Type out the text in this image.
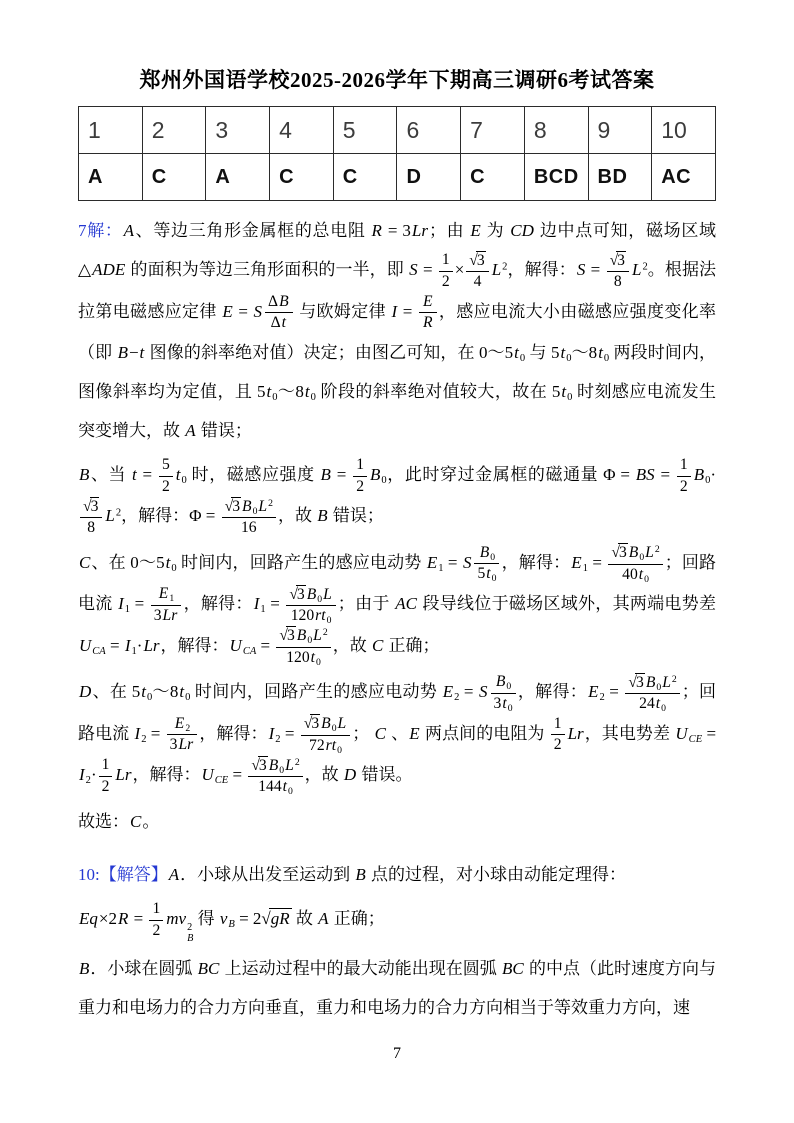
郑州外国语学校2025-2026学年下期高三调研6考试答案
1	2	3	4	5	6	7	8	9	10
A	C	A	C	C	D	C	BCD	BD	AC

7解：A、等边三角形金属框的总电阻 R = 3Lr；由 E 为 CD 边中点可知，磁场区域△ADE 的面积为等边三角形面积的一半，即 $S = \frac{1}{2} \times \frac{√3}{4} L^2$，解得：$S = \frac{√3}{8} L^2$。根据法拉第电磁感应定律 E = S $\frac{\Delta B}{\Delta t}$ 与欧姆定律 $I = \frac{E}{R}$ ，感应电流大小由磁感应强度变化率（即 B−t 图像的斜率绝对值）决定；由图乙可知，在 $0\sim 5t_0$ 与 $5t_0\sim 8t_0$ 两段时间内，图像斜率均为定值，且 $5t_0\sim 8t_0$ 阶段的斜率绝对值较大，故在 $5t_0$ 时刻感应电流发生突变增大，故 A 错误；

B、当 $t = \frac{5}{2} t_0$ 时，磁感应强度 $B = \frac{1}{2} B_0$，此时穿过金属框的磁通量 Φ = BS = $\frac{1}{2} B_0\cdot$
$\frac{√3}{8} L^2$，解得：$\Phi = \frac{√3 B_0L^2}{16}$ ，故 B 错误；

C、在 $0\sim 5t_0$ 时间内，回路产生的感应电动势 $E_1 = S \frac{B_0}{5t_0}$ ，解得：$E_1 = \frac{√3 B_0L^2}{40t_0}$ ；回路电流 $I_1 = \frac{E_1}{3Lr}$ ，解得：$I_1 = \frac{√3 B_0L}{120rt_0}$ ；由于 AC 段导线位于磁场区域外，其两端电势差 $U_{CA} = I_1\cdot Lr$，解得：$U_{CA} = \frac{√3 B_0L^2}{120t_0}$ ，故 C 正确；

D、在 $5t_0\sim 8t_0$ 时间内，回路产生的感应电动势 $E_2 = S \frac{B_0}{3t_0}$ ，解得：$E_2 = \frac{√3 B_0L^2}{24t_0}$ ；回路电流 $I_2 = \frac{E_2}{3Lr}$ ，解得：$I_2 = \frac{√3 B_0L}{72rt_0}$ ； C 、E 两点间的电阻为 $\frac{1}{2}$ Lr，其电势差 $U_{CE} = I_2\cdot \frac{1}{2}$ Lr，解得：$U_{CE} = \frac{√3 B_0L^2}{144t_0}$ ，故 D 错误。

故选：C。

10:【解答】A．小球从出发至运动到 B 点的过程，对小球由动能定理得：

$Eq\times 2R = \frac{1}{2}$ mv 2
B
得 $v_B = 2√gR$ 故 A 正确；

B．小球在圆弧 BC 上运动过程中的最大动能出现在圆弧 BC 的中点（此时速度方向与重力和电场力的合力方向垂直，重力和电场力的合力方向相当于等效重力方向，速

7
